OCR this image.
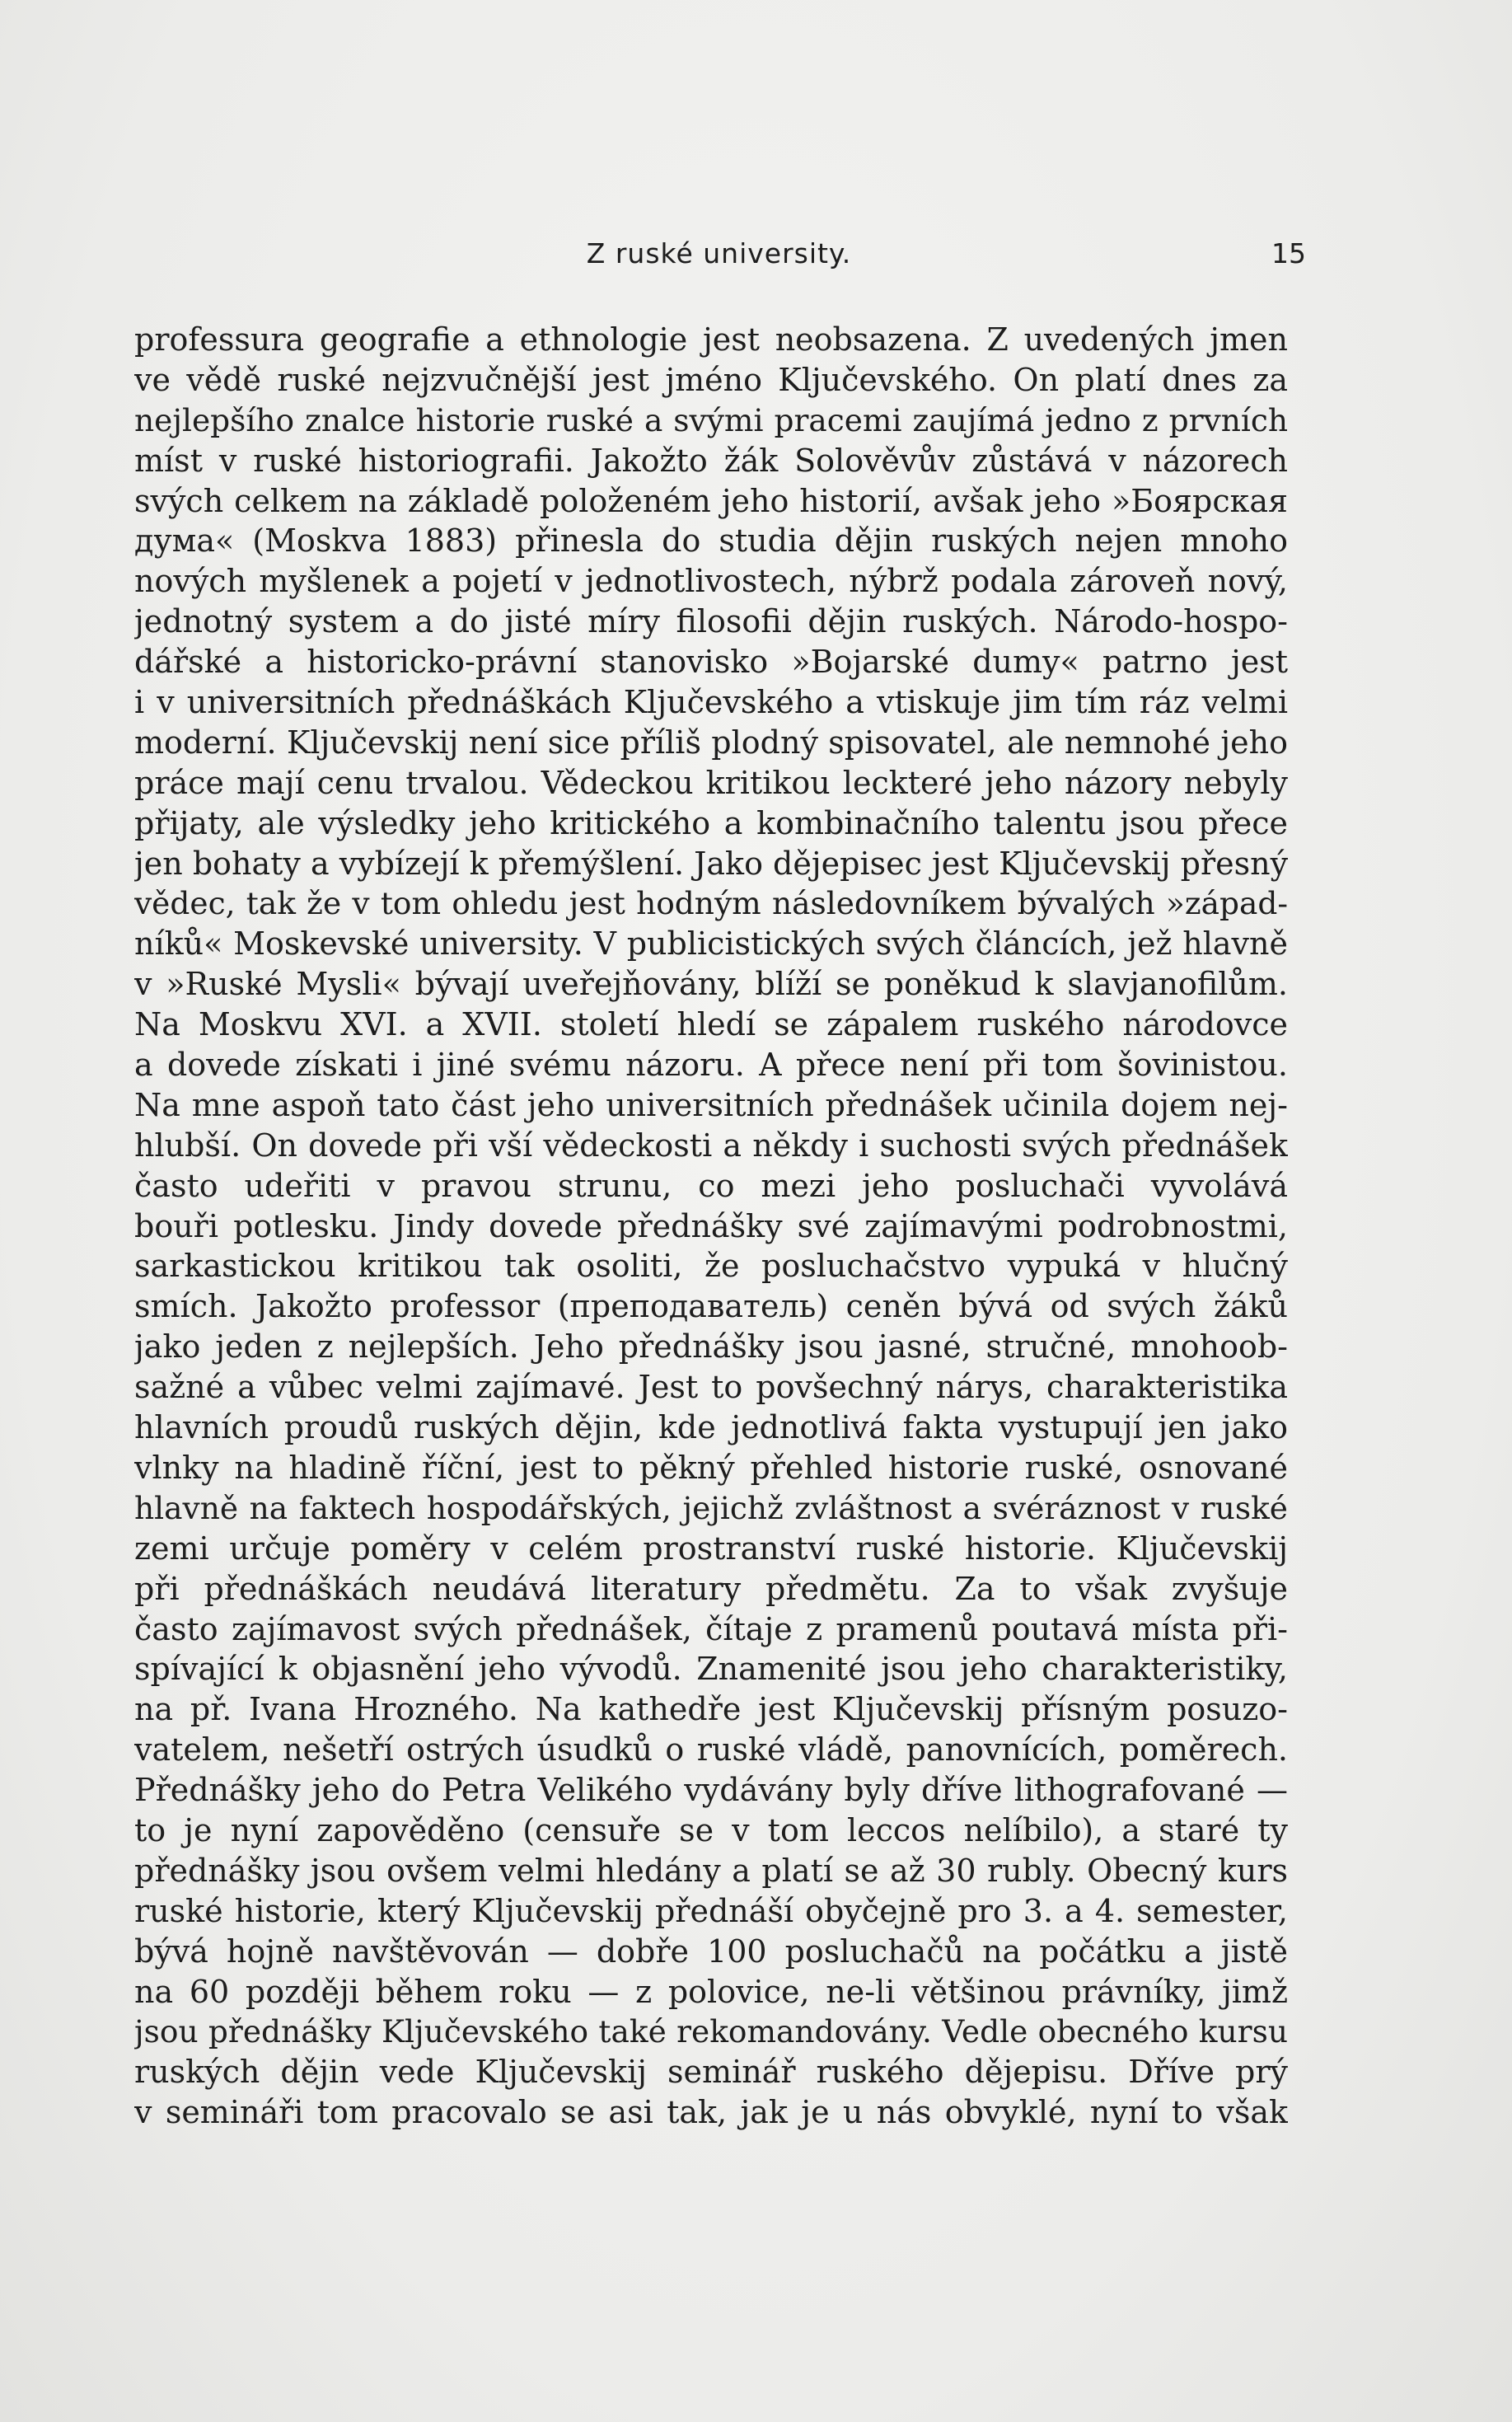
Z ruské university.	15
professura geografie a ethnologie jest neobsazena. Z uvedených jmen
ve vědě ruské nejzvučnější jest jméno Ključevského. On platí dnes za
nejlepšího znalce historie ruské a svými pracemi zaujímá jedno z prvních
míst v ruské historiografii. Jakožto žák Solověvův zůstává v názorech
svých celkem na základě položeném jeho historií, avšak jeho »Боярская
дума« (Moskva 1883) přinesla do studia dějin ruských nejen mnoho
nových myšlenek a pojetí v jednotlivostech, nýbrž podala zároveň nový,
jednotný system a do jisté míry filosofii dějin ruských. Národo-hospo-
dářské a historicko-právní stanovisko »Bojarské dumy« patrno jest
i v universitních přednáškách Ključevského a vtiskuje jim tím ráz velmi
moderní. Ključevskij není sice příliš plodný spisovatel, ale nemnohé jeho
práce mají cenu trvalou. Vědeckou kritikou leckteré jeho názory nebyly
přijaty, ale výsledky jeho kritického a kombinačního talentu jsou přece
jen bohaty a vybízejí k přemýšlení. Jako dějepisec jest Ključevskij přesný
vědec, tak že v tom ohledu jest hodným následovníkem bývalých »západ-
níků« Moskevské university. V publicistických svých článcích, jež hlavně
v »Ruské Mysli« bývají uveřejňovány, blíží se poněkud k slavjanofilům.
Na Moskvu XVI. a XVII. století hledí se zápalem ruského národovce
a dovede získati i jiné svému názoru. A přece není při tom šovinistou.
Na mne aspoň tato část jeho universitních přednášek učinila dojem nej-
hlubší. On dovede při vší vědeckosti a někdy i suchosti svých přednášek
často udeřiti v pravou strunu, co mezi jeho posluchači vyvolává
bouři potlesku. Jindy dovede přednášky své zajímavými podrobnostmi,
sarkastickou kritikou tak osoliti, že posluchačstvo vypuká v hlučný
smích. Jakožto professor (преподаватель) ceněn bývá od svých žáků
jako jeden z nejlepších. Jeho přednášky jsou jasné, stručné, mnohoob-
sažné a vůbec velmi zajímavé. Jest to povšechný nárys, charakteristika
hlavních proudů ruských dějin, kde jednotlivá fakta vystupují jen jako
vlnky na hladině říční, jest to pěkný přehled historie ruské, osnované
hlavně na faktech hospodářských, jejichž zvláštnost a svéráznost v ruské
zemi určuje poměry v celém prostranství ruské historie. Ključevskij
při přednáškách neudává literatury předmětu. Za to však zvyšuje
často zajímavost svých přednášek, čítaje z pramenů poutavá místa při-
spívající k objasnění jeho vývodů. Znamenité jsou jeho charakteristiky,
na př. Ivana Hrozného. Na kathedře jest Ključevskij přísným posuzo-
vatelem, nešetří ostrých úsudků o ruské vládě, panovnících, poměrech.
Přednášky jeho do Petra Velikého vydávány byly dříve lithografované —
to je nyní zapověděno (censuře se v tom leccos nelíbilo), a staré ty
přednášky jsou ovšem velmi hledány a platí se až 30 rubly. Obecný kurs
ruské historie, který Ključevskij přednáší obyčejně pro 3. a 4. semester,
bývá hojně navštěvován — dobře 100 posluchačů na počátku a jistě
na 60 později během roku — z polovice, ne-li většinou právníky, jimž
jsou přednášky Ključevského také rekomandovány. Vedle obecného kursu
ruských dějin vede Ključevskij seminář ruského dějepisu. Dříve prý
v semináři tom pracovalo se asi tak, jak je u nás obvyklé, nyní to však
